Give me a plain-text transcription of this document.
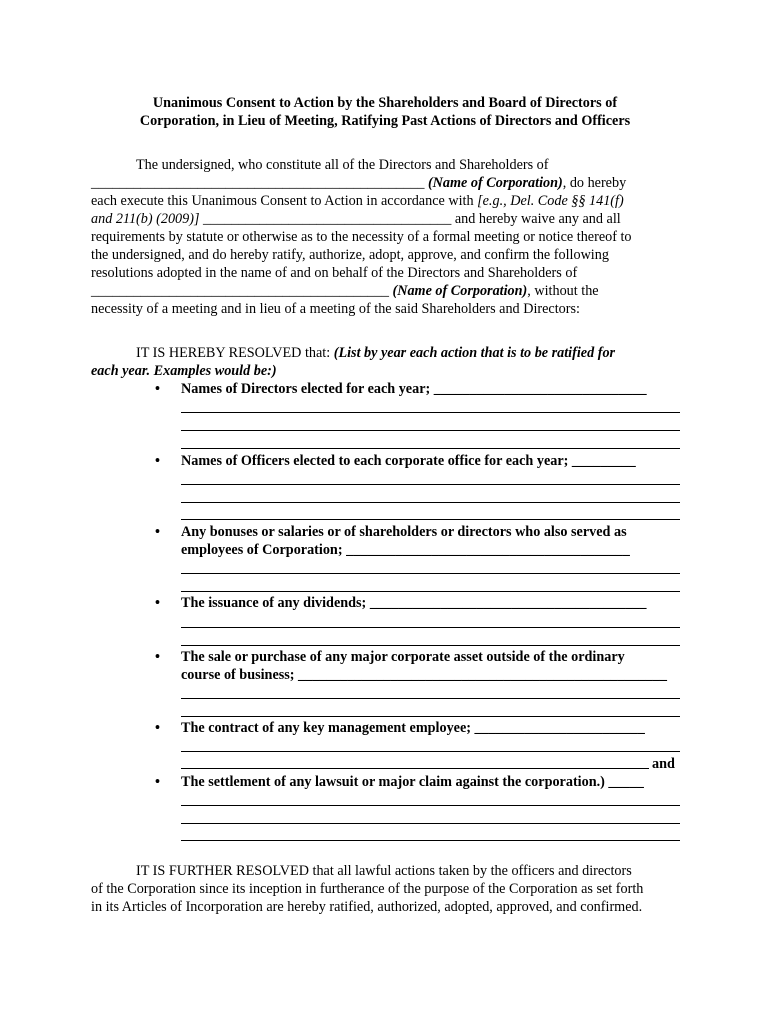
Unanimous Consent to Action by the Shareholders and Board of Directors of
Corporation, in Lieu of Meeting, Ratifying Past Actions of Directors and Officers
The undersigned, who constitute all of the Directors and Shareholders of
_______________________________________________ (Name of Corporation), do hereby
each execute this Unanimous Consent to Action in accordance with [e.g., Del. Code §§ 141(f)
and 211(b) (2009)] ___________________________________ and hereby waive any and all
requirements by statute or otherwise as to the necessity of a formal meeting or notice thereof to
the undersigned, and do hereby ratify, authorize, adopt, approve, and confirm the following
resolutions adopted in the name of and on behalf of the Directors and Shareholders of
__________________________________________ (Name of Corporation), without the
necessity of a meeting and in lieu of a meeting of the said Shareholders and Directors:
IT IS HEREBY RESOLVED that: (List by year each action that is to be ratified for
each year. Examples would be:)
•	Names of Directors elected for each year; ______________________________
•	Names of Officers elected to each corporate office for each year; _________
•	Any bonuses or salaries or of shareholders or directors who also served as
employees of Corporation; ________________________________________
•	The issuance of any dividends; _______________________________________
•	The sale or purchase of any major corporate asset outside of the ordinary
course of business; ____________________________________________________
•	The contract of any key management employee; ________________________
and
•	The settlement of any lawsuit or major claim against the corporation.) _____
IT IS FURTHER RESOLVED that all lawful actions taken by the officers and directors
of the Corporation since its inception in furtherance of the purpose of the Corporation as set forth
in its Articles of Incorporation are hereby ratified, authorized, adopted, approved, and confirmed.
